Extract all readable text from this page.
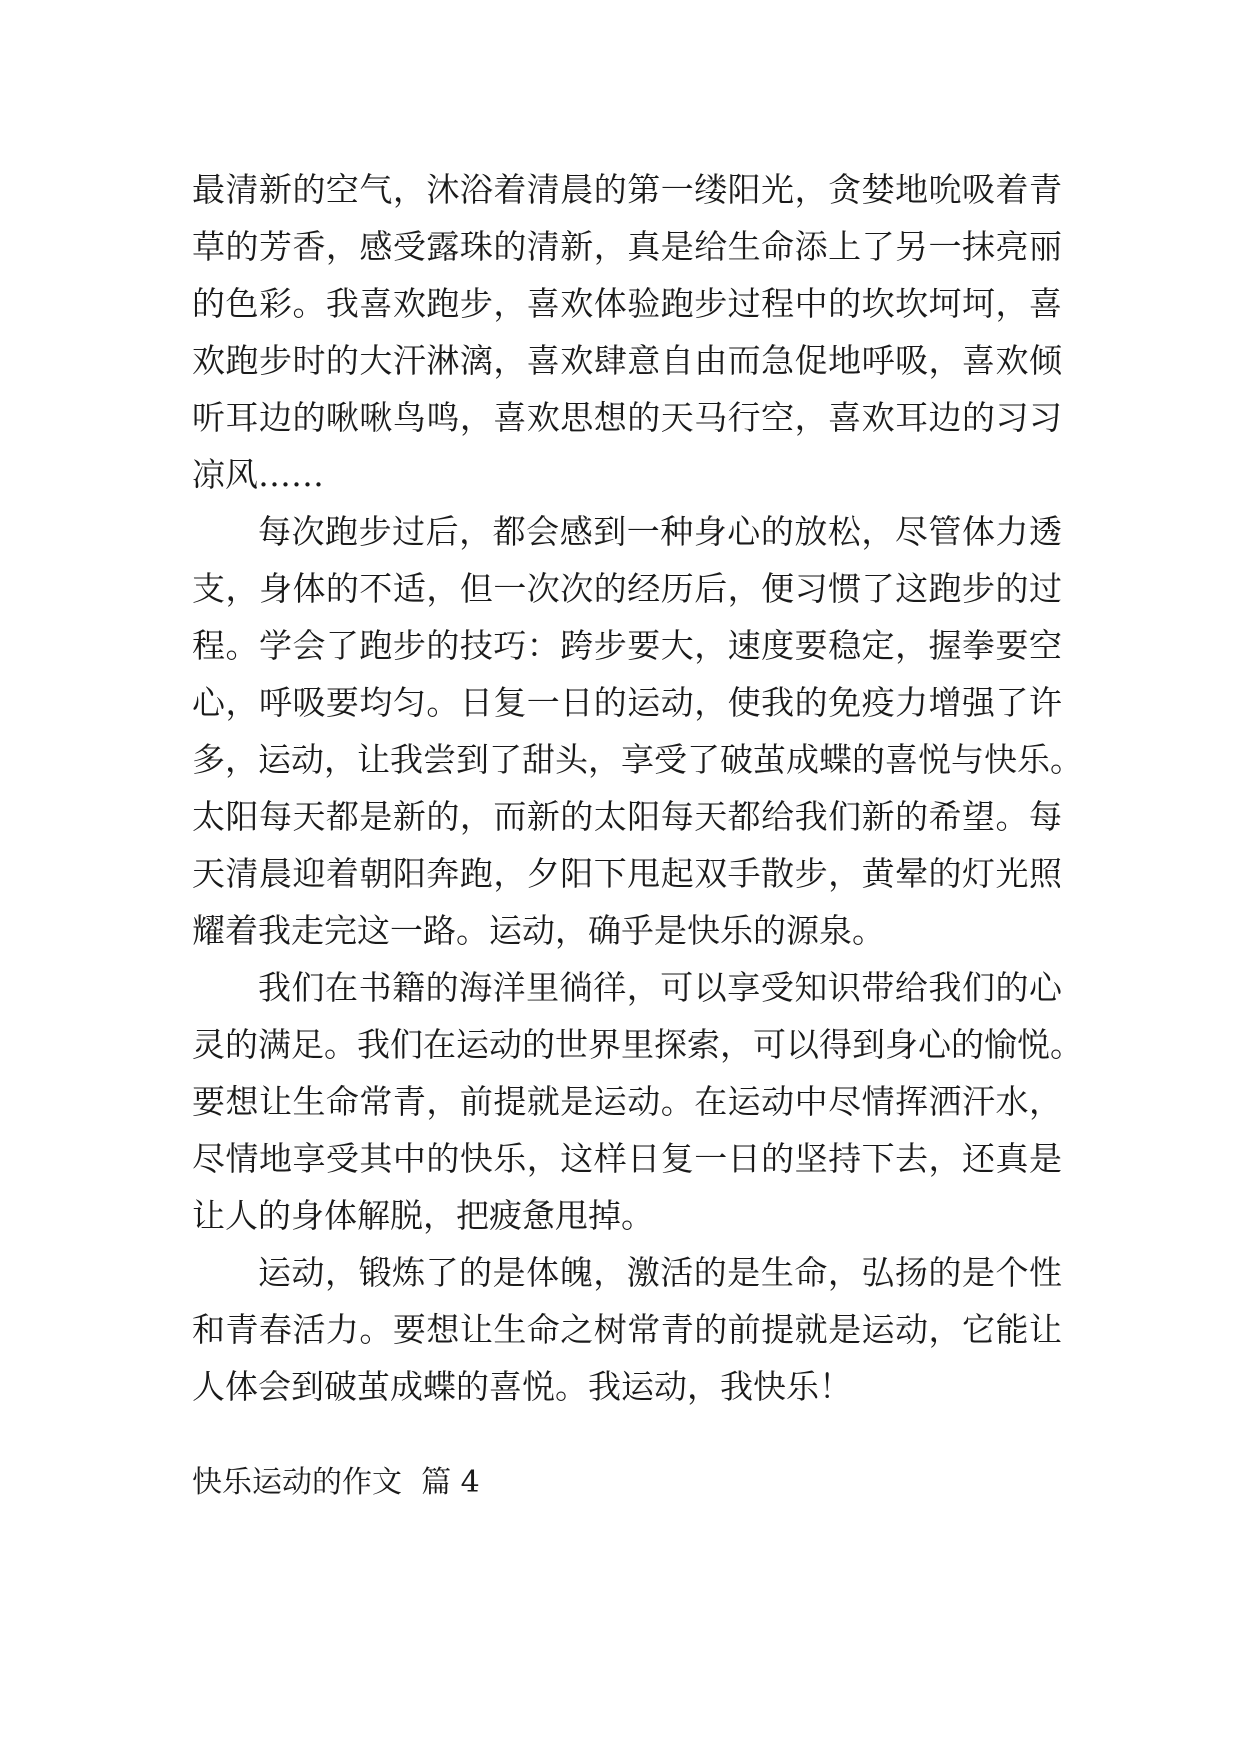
最清新的空气，沐浴着清晨的第一缕阳光，贪婪地吮吸着青
草的芳香，感受露珠的清新，真是给生命添上了另一抹亮丽
的色彩。我喜欢跑步，喜欢体验跑步过程中的坎坎坷坷，喜
欢跑步时的大汗淋漓，喜欢肆意自由而急促地呼吸，喜欢倾
听耳边的啾啾鸟鸣，喜欢思想的天马行空，喜欢耳边的习习
凉风……
每次跑步过后，都会感到一种身心的放松，尽管体力透
支，身体的不适，但一次次的经历后，便习惯了这跑步的过
程。学会了跑步的技巧：跨步要大，速度要稳定，握拳要空
心，呼吸要均匀。日复一日的运动，使我的免疫力增强了许
多，运动，让我尝到了甜头，享受了破茧成蝶的喜悦与快乐。
太阳每天都是新的，而新的太阳每天都给我们新的希望。每
天清晨迎着朝阳奔跑，夕阳下甩起双手散步，黄晕的灯光照
耀着我走完这一路。运动，确乎是快乐的源泉。
我们在书籍的海洋里徜徉，可以享受知识带给我们的心
灵的满足。我们在运动的世界里探索，可以得到身心的愉悦。
要想让生命常青，前提就是运动。在运动中尽情挥洒汗水，
尽情地享受其中的快乐，这样日复一日的坚持下去，还真是
让人的身体解脱，把疲惫甩掉。
运动，锻炼了的是体魄，激活的是生命，弘扬的是个性
和青春活力。要想让生命之树常青的前提就是运动，它能让
人体会到破茧成蝶的喜悦。我运动，我快乐！
快乐运动的作文 篇 4
